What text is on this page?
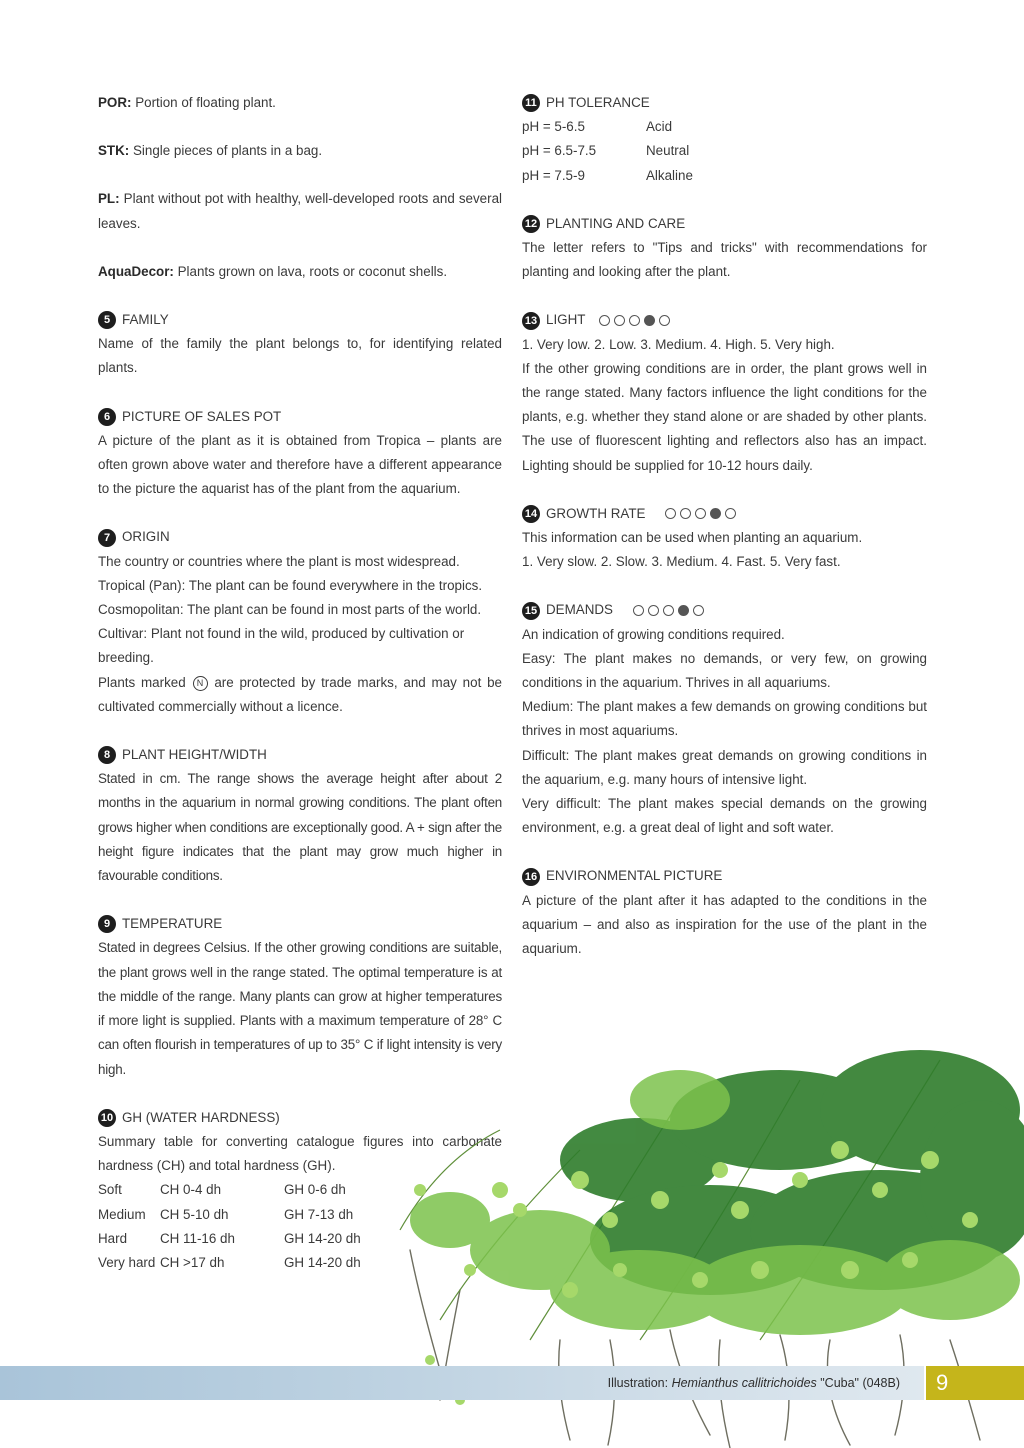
POR: Portion of floating plant.

STK: Single pieces of plants in a bag.

PL: Plant without pot with healthy, well-developed roots and several leaves.

AquaDecor: Plants grown on lava, roots or coconut shells.

5 FAMILY

Name of the family the plant belongs to, for identifying related plants.

6 PICTURE OF SALES POT

A picture of the plant as it is obtained from Tropica – plants are often grown above water and therefore have a different appearance to the picture the aquarist has of the plant from the aquarium.

7 ORIGIN

The country or countries where the plant is most widespread.

Tropical (Pan): The plant can be found everywhere in the tropics.

Cosmopolitan: The plant can be found in most parts of the world.

Cultivar: Plant not found in the wild, produced by cultivation or breeding.

Plants marked N are protected by trade marks, and may not be cultivated commercially without a licence.

8 PLANT HEIGHT/WIDTH

Stated in cm. The range shows the average height after about 2 months in the aquarium in normal growing conditions. The plant often grows higher when conditions are exceptionally good. A + sign after the height figure indicates that the plant may grow much higher in favourable conditions.

9 TEMPERATURE

Stated in degrees Celsius. If the other growing conditions are suitable, the plant grows well in the range stated. The optimal temperature is at the middle of the range. Many plants can grow at higher temperatures if more light is supplied. Plants with a maximum temperature of 28° C can often flourish in temperatures of up to 35° C if light intensity is very high.

10 GH (WATER HARDNESS)

Summary table for converting catalogue figures into carbonate hardness (CH) and total hardness (GH).

Soft	CH 0-4 dh	GH 0-6 dh
Medium	CH 5-10 dh	GH 7-13 dh
Hard	CH 11-16 dh	GH 14-20 dh
Very hard CH >17 dh	GH 14-20 dh
11 PH TOLERANCE
pH = 5-6.5	Acid
pH = 6.5-7.5	Neutral
pH = 7.5-9	Alkaline
12 PLANTING AND CARE

The letter refers to "Tips and tricks" with recommendations for planting and looking after the plant.

13 LIGHT

1. Very low. 2. Low. 3. Medium. 4. High. 5. Very high.

If the other growing conditions are in order, the plant grows well in the range stated. Many factors influence the light conditions for the plants, e.g. whether they stand alone or are shaded by other plants. The use of fluorescent lighting and reflectors also has an impact. Lighting should be supplied for 10-12 hours daily.

14 GROWTH RATE

This information can be used when planting an aquarium.

1. Very slow. 2. Slow. 3. Medium. 4. Fast. 5. Very fast.

15 DEMANDS

An indication of growing conditions required.

Easy: The plant makes no demands, or very few, on growing conditions in the aquarium. Thrives in all aquariums.

Medium: The plant makes a few demands on growing conditions but thrives in most aquariums.

Difficult: The plant makes great demands on growing conditions in the aquarium, e.g. many hours of intensive light.

Very difficult: The plant makes special demands on the growing environment, e.g. a great deal of light and soft water.

16 ENVIRONMENTAL PICTURE

A picture of the plant after it has adapted to the conditions in the aquarium – and also as inspiration for the use of the plant in the aquarium.

Illustration: Hemianthus callitrichoides "Cuba" (048B) 9
